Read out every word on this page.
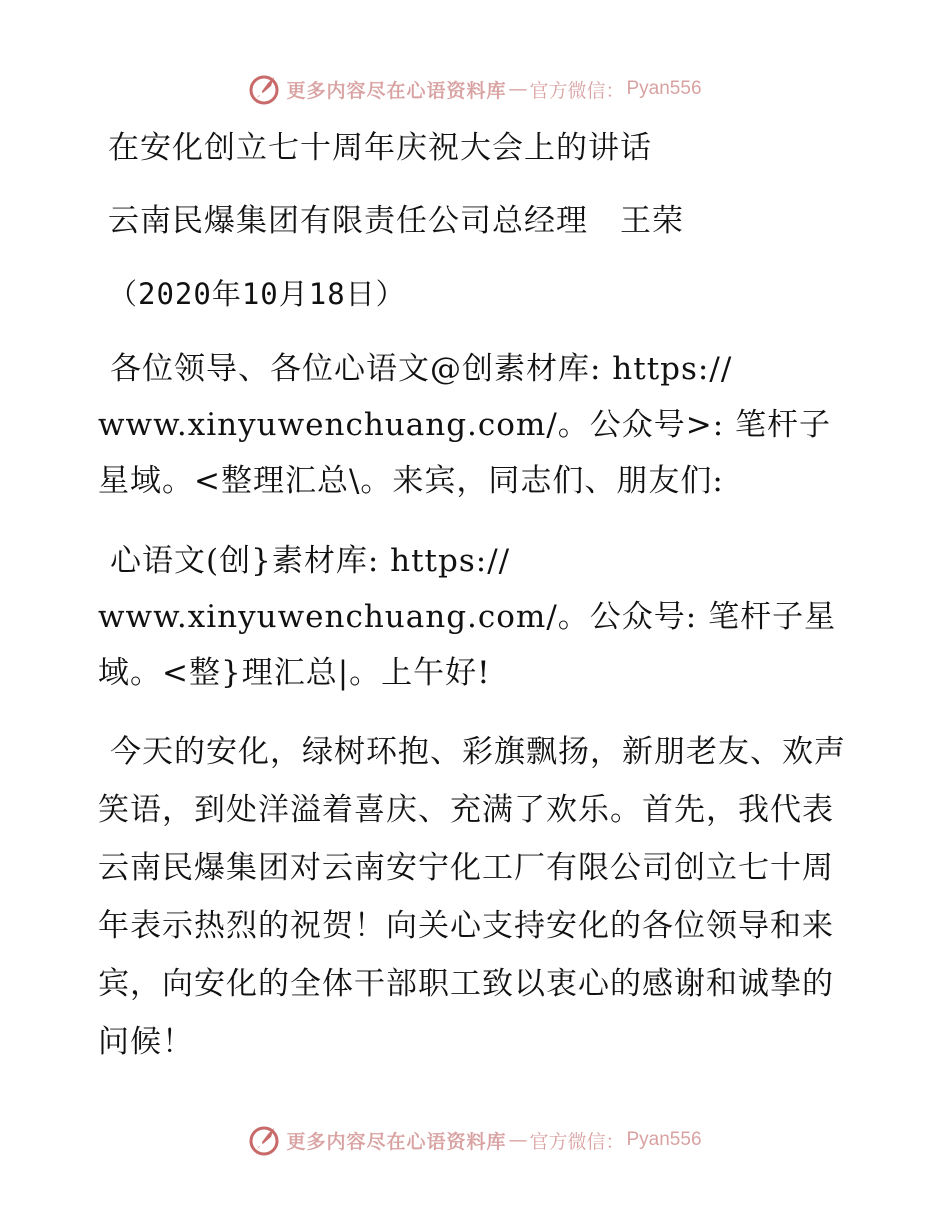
更多内容尽在心语资料库 — 官方微信： Pyan556
在安化创立七十周年庆祝大会上的讲话
云南民爆集团有限责任公司总经理　王荣
（2020年10月18日）
各位领导、各位心语文@创素材库: https:// www.xinyuwenchuang.com/。公众号>: 笔杆子星域。<整理汇总\。来宾，同志们、朋友们:
心语文(创}素材库: https:// www.xinyuwenchuang.com/。公众号: 笔杆子星域。<整}理汇总|。上午好!
今天的安化，绿树环抱、彩旗飘扬，新朋老友、欢声笑语，到处洋溢着喜庆、充满了欢乐。首先，我代表云南民爆集团对云南安宁化工厂有限公司创立七十周年表示热烈的祝贺！向关心支持安化的各位领导和来宾，向安化的全体干部职工致以衷心的感谢和诚挚的问候！
更多内容尽在心语资料库 — 官方微信： Pyan556
